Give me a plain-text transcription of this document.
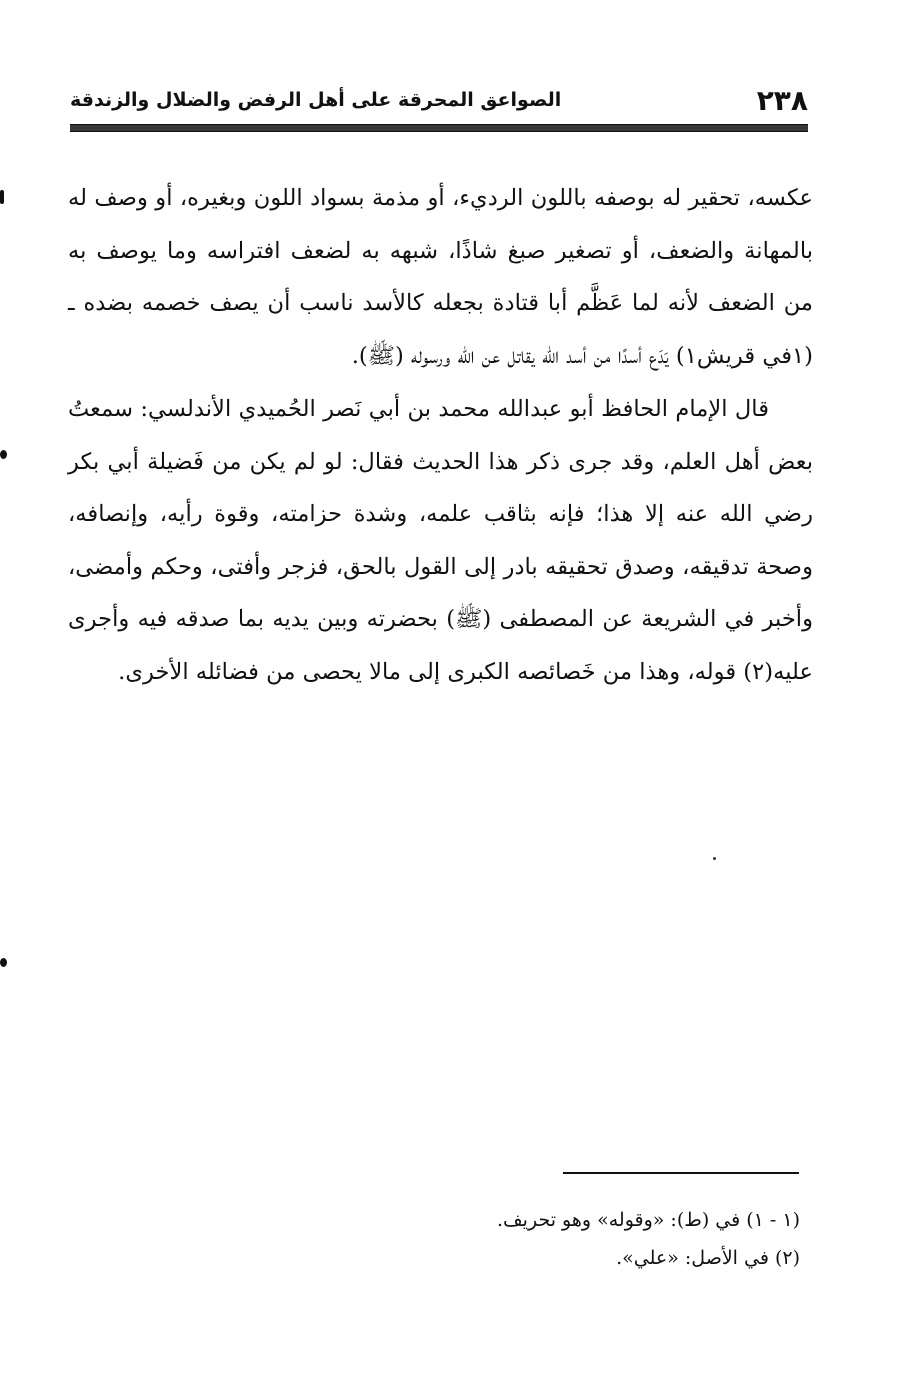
٢٣٨
الصواعق المحرقة على أهل الرفض والضلال والزندقة

عكسه، تحقير له بوصفه باللون الرديء، أو مذمة بسواد اللون وبغيره، أو وصف له بالمهانة والضعف، أو تصغير صبغ شاذًا، شبهه به لضعف افتراسه وما يوصف به من الضعف لأنه لما عَظَّم أبا قتادة بجعله كالأسد ناسب أن يصف خصمه بضده ـ (١في قريش١) يَدَع أسدًا من أسد الله يقاتل عن الله ورسوله (ﷺ).

قال الإمام الحافظ أبو عبدالله محمد بن أبي نَصر الحُميدي الأندلسي: سمعتُ بعض أهل العلم، وقد جرى ذكر هذا الحديث فقال: لو لم يكن من فَضيلة أبي بكر رضي الله عنه إلا هذا؛ فإنه بثاقب علمه، وشدة حزامته، وقوة رأيه، وإنصافه، وصحة تدقيقه، وصدق تحقيقه بادر إلى القول بالحق، فزجر وأفتى، وحكم وأمضى، وأخبر في الشريعة عن المصطفى (ﷺ) بحضرته وبين يديه بما صدقه فيه وأجرى عليه(٢) قوله، وهذا من خَصائصه الكبرى إلى مالا يحصى من فضائله الأخرى.

(١ - ١) في (ط): «وقوله» وهو تحريف.

(٢) في الأصل: «علي».
